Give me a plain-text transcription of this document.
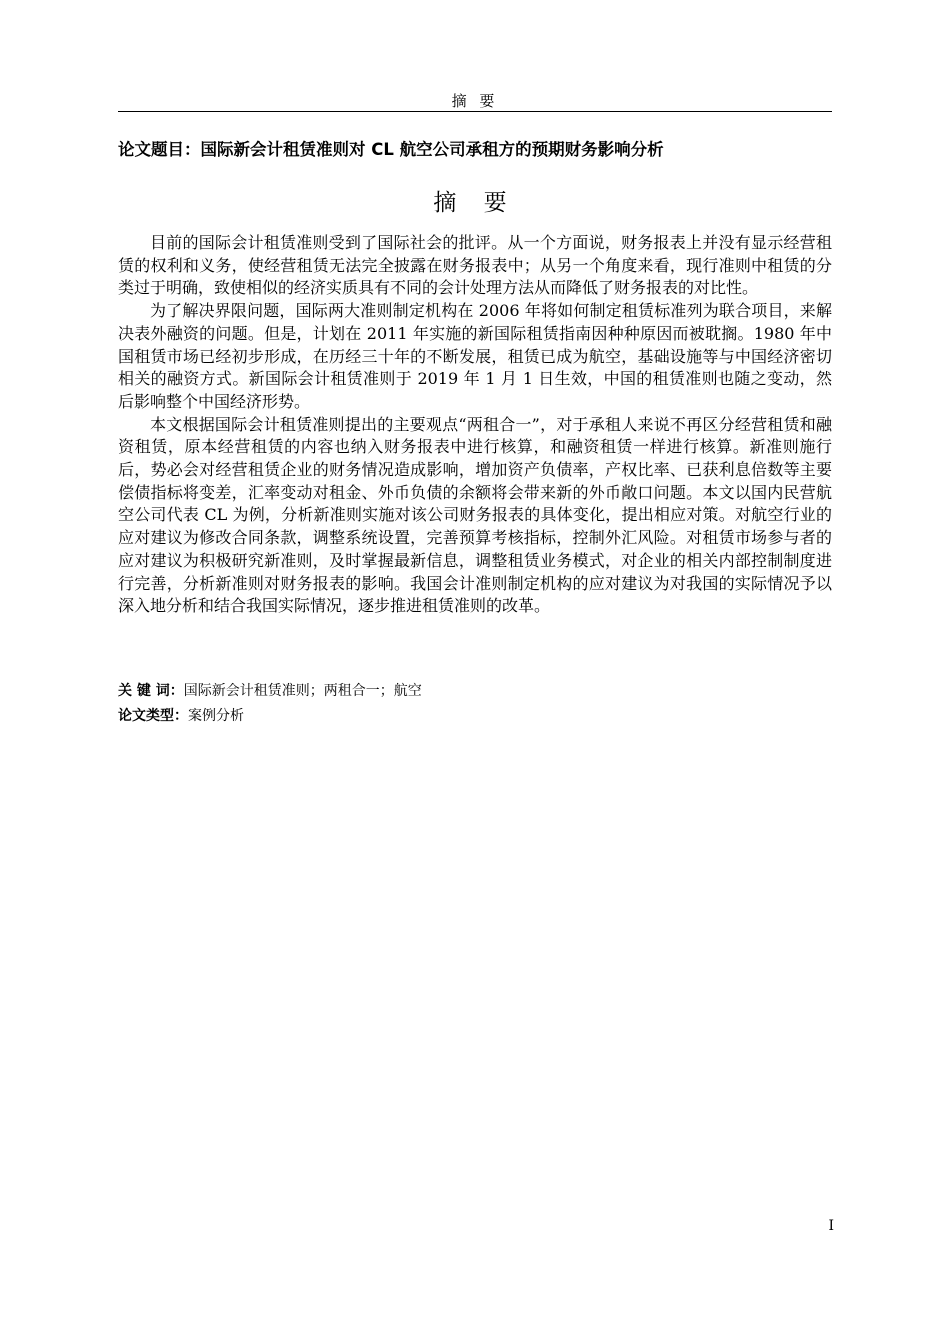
摘 要
论文题目：国际新会计租赁准则对 CL 航空公司承租方的预期财务影响分析
摘 要

目前的国际会计租赁准则受到了国际社会的批评。从一个方面说，财务报表上并没有显示经营租赁的权利和义务，使经营租赁无法完全披露在财务报表中；从另一个角度来看，现行准则中租赁的分类过于明确，致使相似的经济实质具有不同的会计处理方法从而降低了财务报表的对比性。

为了解决界限问题，国际两大准则制定机构在 2006 年将如何制定租赁标准列为联合项目，来解决表外融资的问题。但是，计划在 2011 年实施的新国际租赁指南因种种原因而被耽搁。1980 年中国租赁市场已经初步形成，在历经三十年的不断发展，租赁已成为航空，基础设施等与中国经济密切相关的融资方式。新国际会计租赁准则于 2019 年 1 月 1 日生效，中国的租赁准则也随之变动，然后影响整个中国经济形势。

本文根据国际会计租赁准则提出的主要观点“两租合一”，对于承租人来说不再区分经营租赁和融资租赁，原本经营租赁的内容也纳入财务报表中进行核算，和融资租赁一样进行核算。新准则施行后，势必会对经营租赁企业的财务情况造成影响，增加资产负债率，产权比率、已获利息倍数等主要偿债指标将变差，汇率变动对租金、外币负债的余额将会带来新的外币敞口问题。本文以国内民营航空公司代表 CL 为例，分析新准则实施对该公司财务报表的具体变化，提出相应对策。对航空行业的应对建议为修改合同条款，调整系统设置，完善预算考核指标，控制外汇风险。对租赁市场参与者的应对建议为积极研究新准则，及时掌握最新信息，调整租赁业务模式，对企业的相关内部控制制度进行完善，分析新准则对财务报表的影响。我国会计准则制定机构的应对建议为对我国的实际情况予以深入地分析和结合我国实际情况，逐步推进租赁准则的改革。

关 键 词：国际新会计租赁准则；两租合一；航空
论文类型：案例分析
I
